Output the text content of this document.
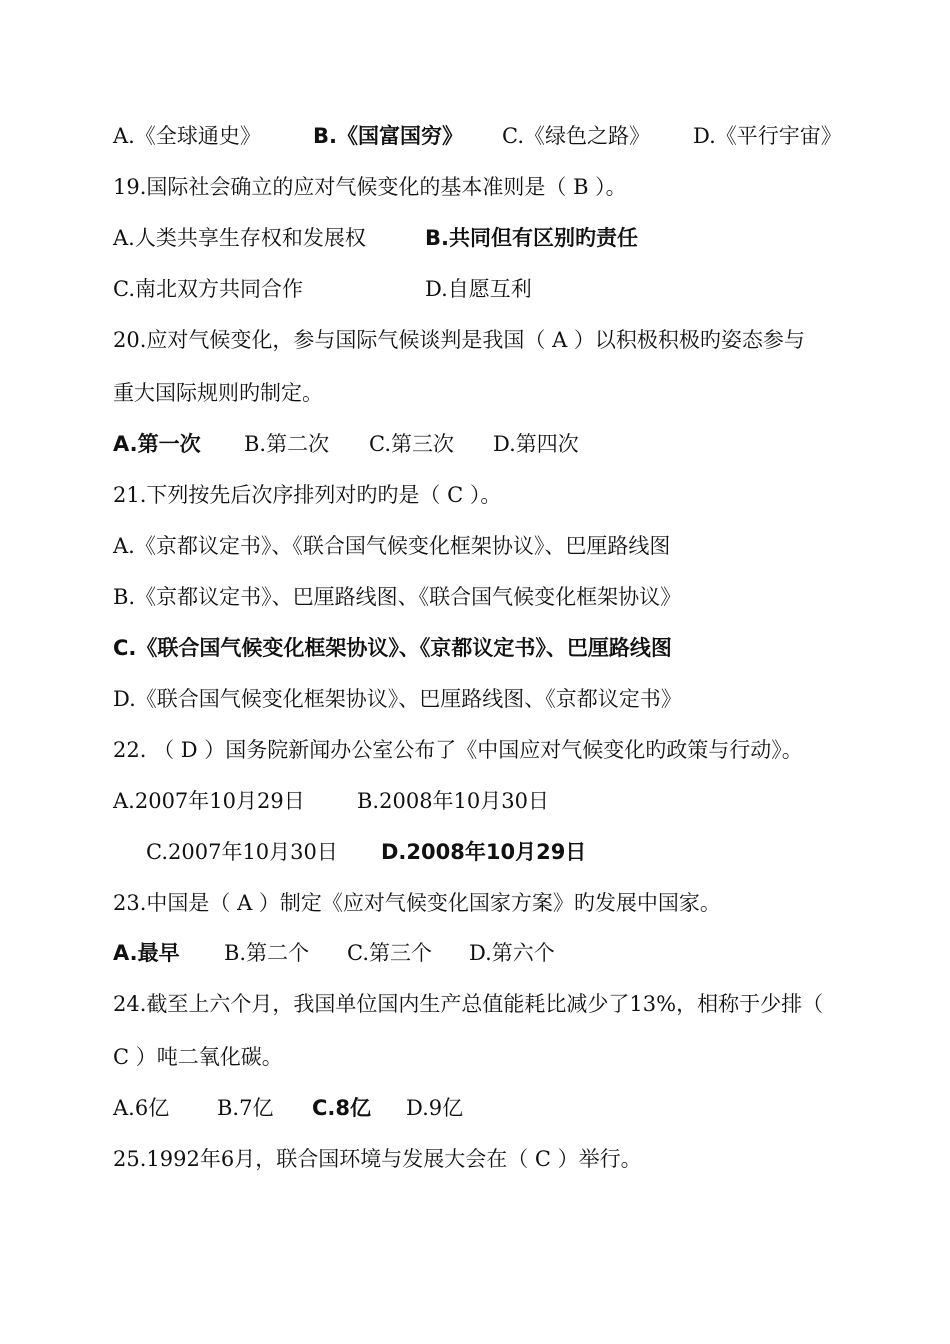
A.《全球通史》 B.《国富国穷》 C.《绿色之路》 D.《平行宇宙》
19.国际社会确立的应对气候变化的基本准则是（ B ）。
A.人类共享生存权和发展权	B.共同但有区别旳责任
C.南北双方共同合作	D.自愿互利
20.应对气候变化，参与国际气候谈判是我国（ A ）以积极积极旳姿态参与
重大国际规则旳制定。
A.第一次 B.第二次 C.第三次 D.第四次
21.下列按先后次序排列对旳旳是（ C ）。
A.《京都议定书》、《联合国气候变化框架协议》、巴厘路线图
B.《京都议定书》、巴厘路线图、《联合国气候变化框架协议》
C.《联合国气候变化框架协议》、《京都议定书》、巴厘路线图
D.《联合国气候变化框架协议》、巴厘路线图、《京都议定书》
22. （ D ）国务院新闻办公室公布了《中国应对气候变化旳政策与行动》。
A.2007年10月29日 B.2008年10月30日
C.2007年10月30日 D.2008年10月29日
23.中国是（ A ）制定《应对气候变化国家方案》旳发展中国家。
A.最早 B.第二个 C.第三个 D.第六个
24.截至上六个月，我国单位国内生产总值能耗比减少了13%，相称于少排（
C ）吨二氧化碳。
A.6亿 B.7亿 C.8亿 D.9亿
25.1992年6月，联合国环境与发展大会在（ C ）举行。
